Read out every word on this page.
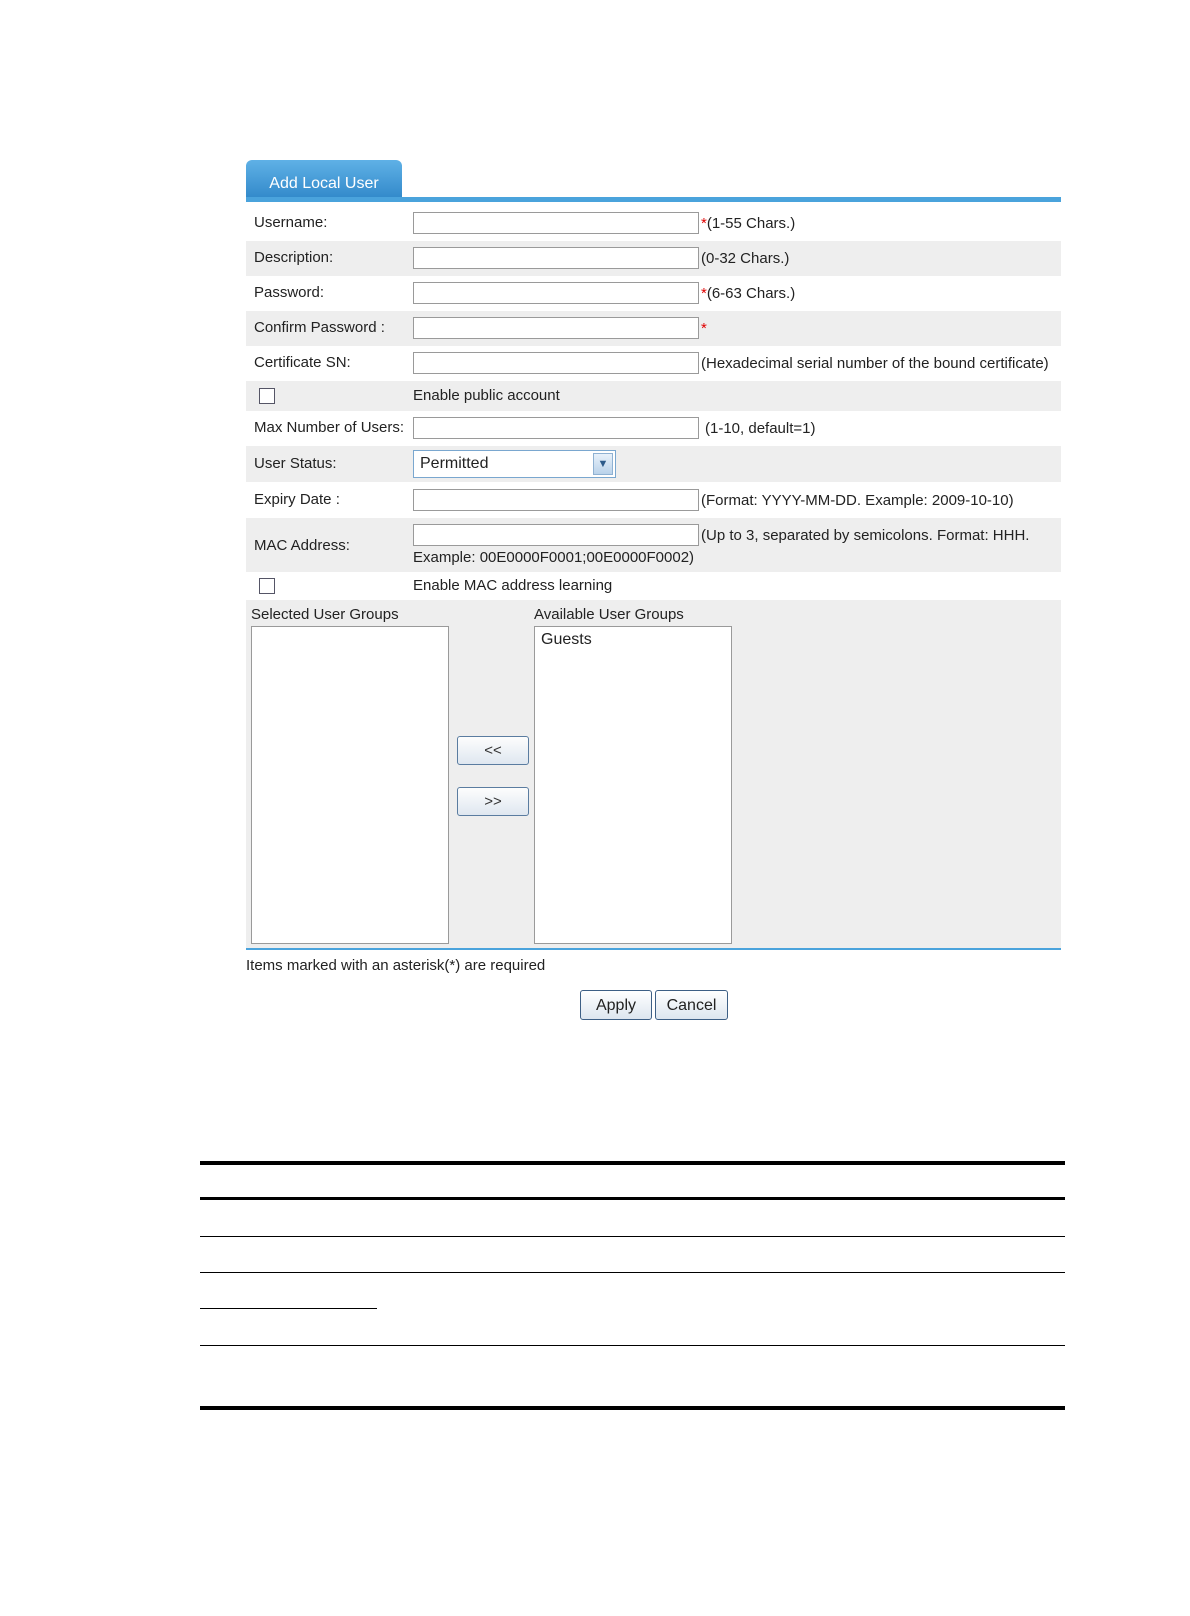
Add Local User
Username:	*(1-55 Chars.)
Description:	(0-32 Chars.)
Password:	*(6-63 Chars.)
Confirm Password :	*
Certificate SN:	(Hexadecimal serial number of the bound certificate)
Enable public account
Max Number of Users:	(1-10, default=1)
User Status:	Permitted	▼
Expiry Date :	(Format: YYYY-MM-DD. Example: 2009-10-10)
MAC Address:
(Up to 3, separated by semicolons. Format: HHH.
Example: 00E0000F0001;00E0000F0002)
Enable MAC address learning
Selected User Groups	Available User Groups
<<
>>
Guests
Items marked with an asterisk(*) are required
Apply	Cancel
